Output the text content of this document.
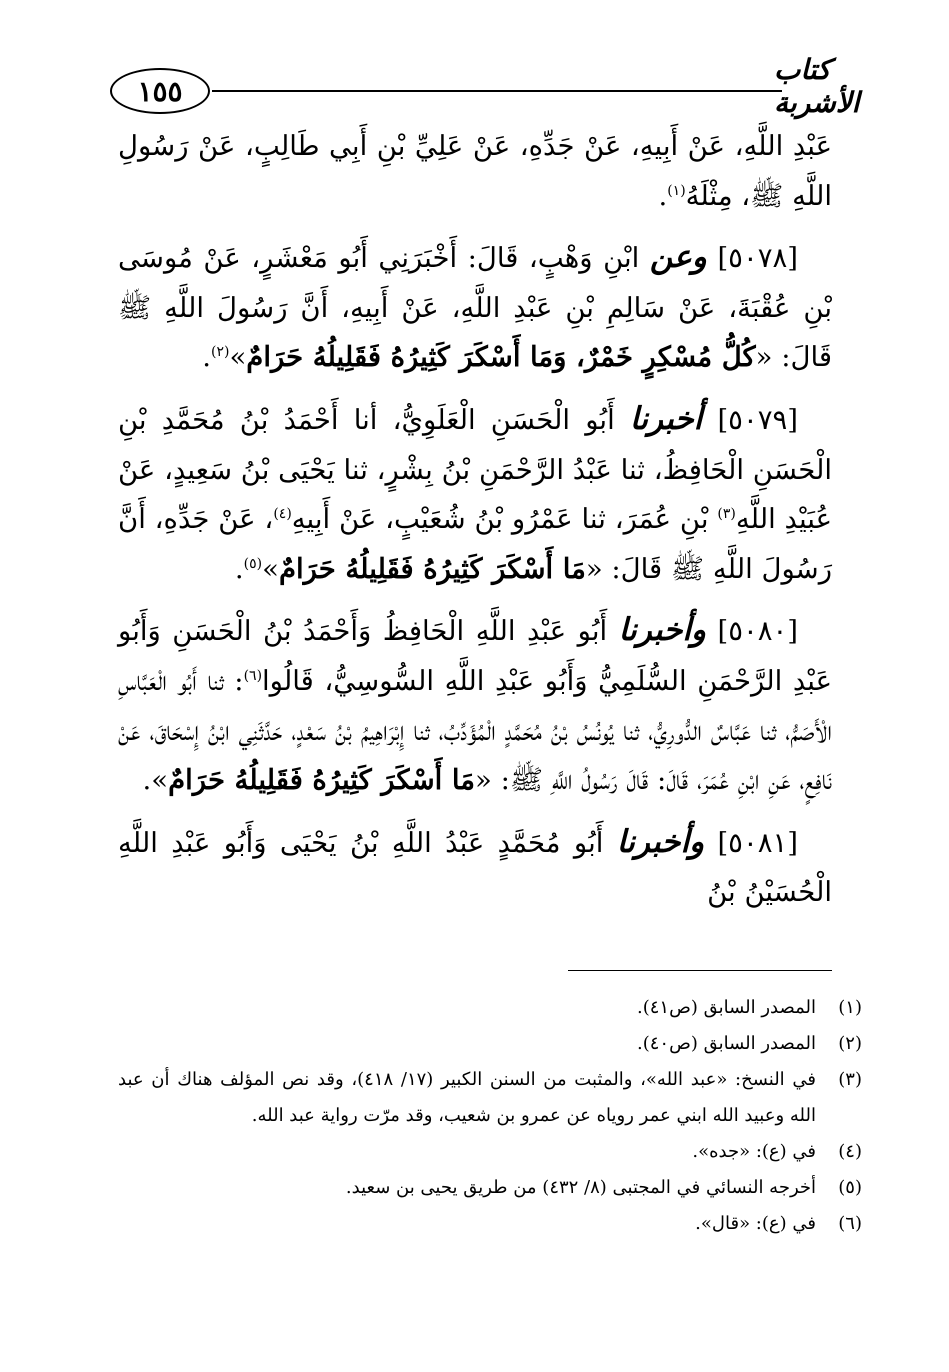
١٥٥
كتاب الأشربة

عَبْدِ اللَّهِ، عَنْ أَبِيهِ، عَنْ جَدِّهِ، عَنْ عَلِيِّ بْنِ أَبِي طَالِبٍ، عَنْ رَسُولِ اللَّهِ ﷺ، مِثْلَهُ$^{(١)}$.

[٥٠٧٨] وعن ابْنِ وَهْبٍ، قَالَ: أَخْبَرَنِي أَبُو مَعْشَرٍ، عَنْ مُوسَى بْنِ عُقْبَةَ، عَنْ سَالِمِ بْنِ عَبْدِ اللَّهِ، عَنْ أَبِيهِ، أَنَّ رَسُولَ اللَّهِ ﷺ قَالَ: «كُلُّ مُسْكِرٍ خَمْرٌ، وَمَا أَسْكَرَ كَثِيرُهُ فَقَلِيلُهُ حَرَامٌ»$^{(٢)}$.

[٥٠٧٩] أخبرنا أَبُو الْحَسَنِ الْعَلَوِيُّ، أنا أَحْمَدُ بْنُ مُحَمَّدِ بْنِ الْحَسَنِ الْحَافِظُ، ثنا عَبْدُ الرَّحْمَنِ بْنُ بِشْرٍ، ثنا يَحْيَى بْنُ سَعِيدٍ، عَنْ عُبَيْدِ اللَّهِ$^{(٣)}$ بْنِ عُمَرَ، ثنا عَمْرُو بْنُ شُعَيْبٍ، عَنْ أَبِيهِ$^{(٤)}$، عَنْ جَدِّهِ، أَنَّ رَسُولَ اللَّهِ ﷺ قَالَ: «مَا أَسْكَرَ كَثِيرُهُ فَقَلِيلُهُ حَرَامٌ»$^{(٥)}$.

[٥٠٨٠] وأخبرنا أَبُو عَبْدِ اللَّهِ الْحَافِظُ وَأَحْمَدُ بْنُ الْحَسَنِ وَأَبُو عَبْدِ الرَّحْمَنِ السُّلَمِيُّ وَأَبُو عَبْدِ اللَّهِ السُّوسِيُّ، قَالُوا$^{(٦)}$: ثنا أَبُو الْعَبَّاسِ الْأَصَمُّ، ثنا عَبَّاسٌ الدُّورِيُّ، ثنا يُونُسُ بْنُ مُحَمَّدٍ الْمُؤَدِّبُ، ثنا إِبْرَاهِيمُ بْنُ سَعْدٍ، حَدَّثَنِي ابْنُ إِسْحَاقَ، عَنْ نَافِعٍ، عَنِ ابْنِ عُمَرَ، قَالَ: قَالَ رَسُولُ اللَّهِ ﷺ: «مَا أَسْكَرَ كَثِيرُهُ فَقَلِيلُهُ حَرَامٌ».

[٥٠٨١] وأخبرنا أَبُو مُحَمَّدٍ عَبْدُ اللَّهِ بْنُ يَحْيَى وَأَبُو عَبْدِ اللَّهِ الْحُسَيْنُ بْنُ

(١)
المصدر السابق (ص٤١).
(٢)
المصدر السابق (ص٤٠).
(٣)
في النسخ: «عبد الله»، والمثبت من السنن الكبير (١٧/ ٤١٨)، وقد نص المؤلف هناك أن عبد الله وعبيد الله ابني عمر روياه عن عمرو بن شعيب، وقد مرّت رواية عبد الله.
(٤)
في (ع): «جده».
(٥)
أخرجه النسائي في المجتبى (٨/ ٤٣٢) من طريق يحيى بن سعيد.
(٦)
في (ع): «قال».
